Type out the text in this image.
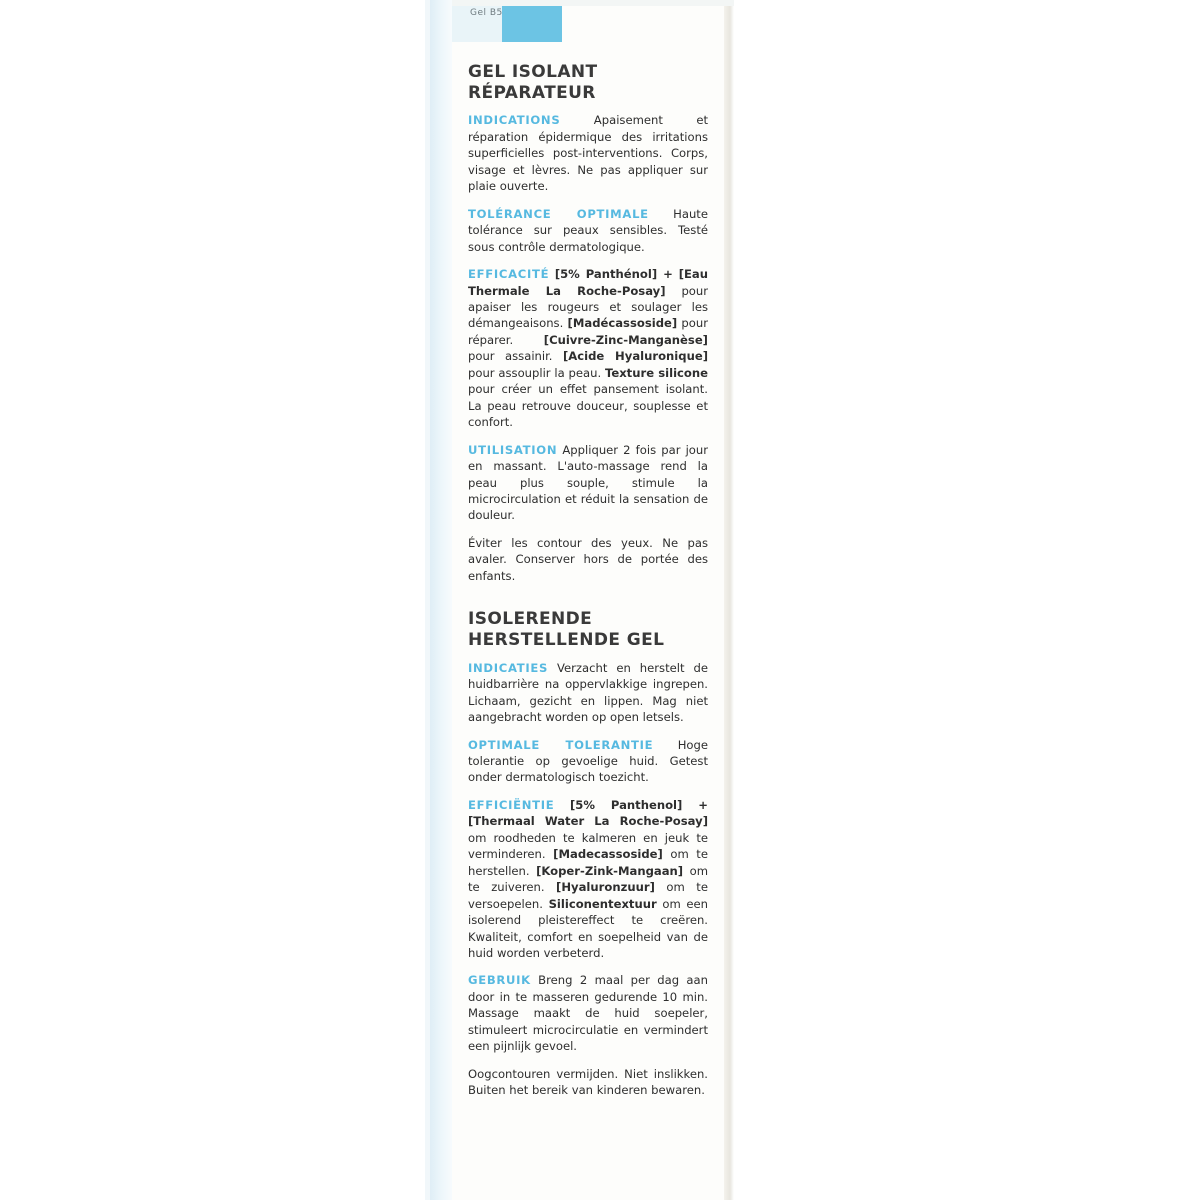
Gel B5
GEL ISOLANT
RÉPARATEUR

INDICATIONS	Apaisement et réparation épidermique des irritations superficielles post-interventions. Corps, visage et lèvres. Ne pas appliquer sur plaie ouverte.

TOLÉRANCE OPTIMALE Haute tolérance sur peaux sensibles. Testé sous contrôle dermatologique.

EFFICACITÉ [5% Panthénol] + [Eau Thermale La Roche-Posay] pour apaiser les rougeurs et soulager les démangeaisons. [Madécassoside] pour réparer. [Cuivre-Zinc-Manganèse] pour assainir. [Acide Hyaluronique] pour assouplir la peau. Texture silicone pour créer un effet pansement isolant. La peau retrouve douceur, souplesse et confort.

UTILISATION Appliquer 2 fois par jour en massant. L'auto-massage rend la peau plus souple, stimule la microcirculation et réduit la sensation de douleur.

Éviter les contour des yeux. Ne pas avaler. Conserver hors de portée des enfants.

ISOLERENDE
HERSTELLENDE GEL

INDICATIES Verzacht en herstelt de huidbarrière na oppervlakkige ingrepen. Lichaam, gezicht en lippen. Mag niet aangebracht worden op open letsels.

OPTIMALE TOLERANTIE Hoge tolerantie op gevoelige huid. Getest onder dermatologisch toezicht.

EFFICIËNTIE [5% Panthenol] + [Thermaal Water La Roche-Posay] om roodheden te kalmeren en jeuk te verminderen. [Madecassoside] om te herstellen. [Koper-Zink-Mangaan] om te zuiveren. [Hyaluronzuur] om te versoepelen. Siliconentextuur om een isolerend pleistereffect te creëren. Kwaliteit, comfort en soepelheid van de huid worden verbeterd.

GEBRUIK Breng 2 maal per dag aan door in te masseren gedurende 10 min. Massage maakt de huid soepeler, stimuleert microcirculatie en vermindert een pijnlijk gevoel.

Oogcontouren vermijden. Niet inslikken. Buiten het bereik van kinderen bewaren.
